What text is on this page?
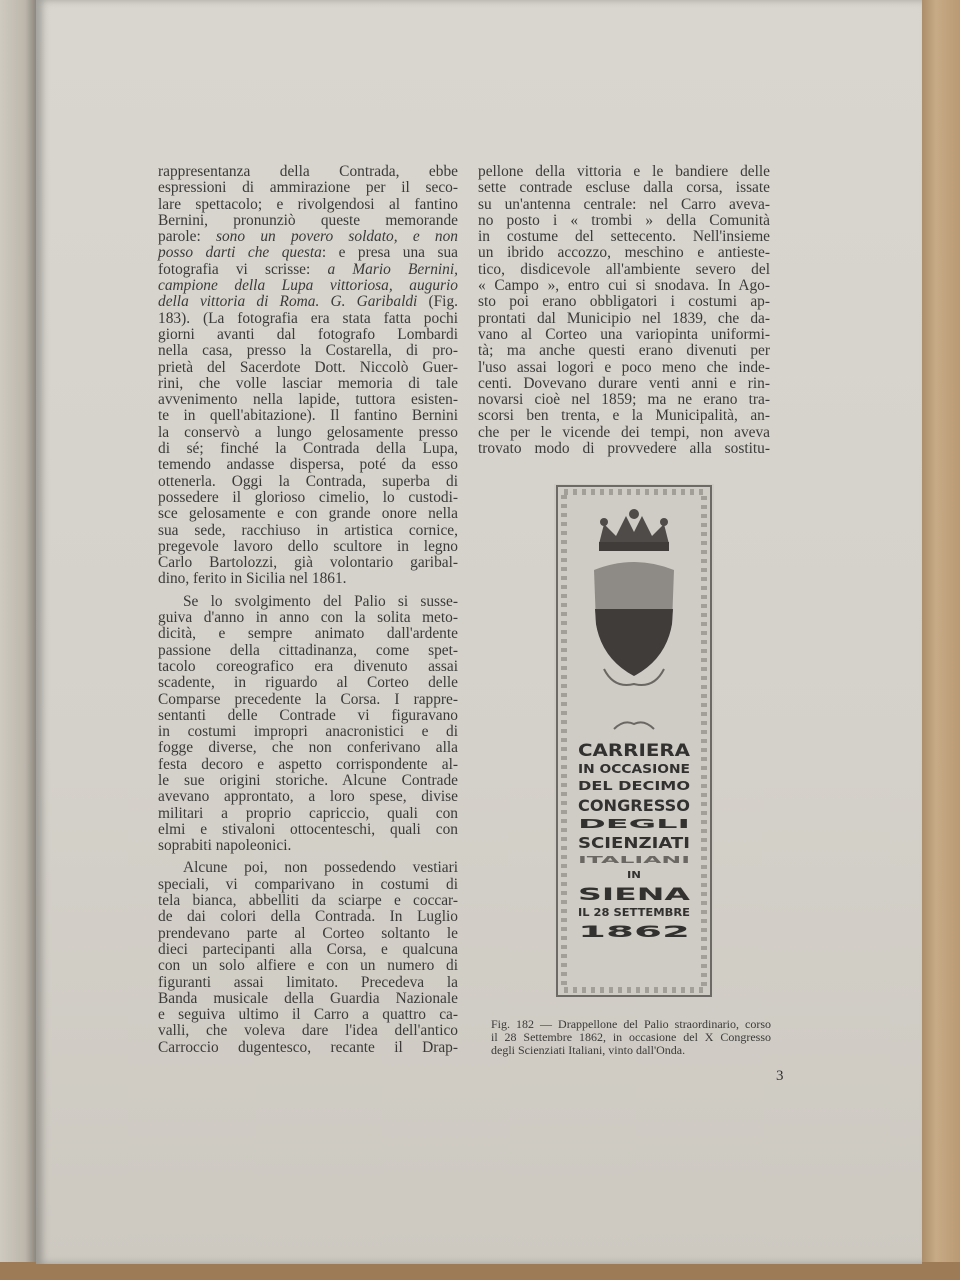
rappresentanza della Contrada, ebbe
espressioni di ammirazione per il seco-
lare spettacolo; e rivolgendosi al fantino
Bernini, pronunziò queste memorande
parole: sono un povero soldato, e non
posso darti che questa: e presa una sua
fotografia vi scrisse: a Mario Bernini,
campione della Lupa vittoriosa, augurio
della vittoria di Roma. G. Garibaldi (Fig.
183). (La fotografia era stata fatta pochi
giorni avanti dal fotografo Lombardi
nella casa, presso la Costarella, di pro-
prietà del Sacerdote Dott. Niccolò Guer-
rini, che volle lasciar memoria di tale
avvenimento nella lapide, tuttora esisten-
te in quell'abitazione). Il fantino Bernini
la conservò a lungo gelosamente presso
di sé; finché la Contrada della Lupa,
temendo andasse dispersa, poté da esso
ottenerla. Oggi la Contrada, superba di
possedere il glorioso cimelio, lo custodi-
sce gelosamente e con grande onore nella
sua sede, racchiuso in artistica cornice,
pregevole lavoro dello scultore in legno
Carlo Bartolozzi, già volontario garibal-
dino, ferito in Sicilia nel 1861.
Se lo svolgimento del Palio si susse-
guiva d'anno in anno con la solita meto-
dicità, e sempre animato dall'ardente
passione della cittadinanza, come spet-
tacolo coreografico era divenuto assai
scadente, in riguardo al Corteo delle
Comparse precedente la Corsa. I rappre-
sentanti delle Contrade vi figuravano
in costumi impropri anacronistici e di
fogge diverse, che non conferivano alla
festa decoro e aspetto corrispondente al-
le sue origini storiche. Alcune Contrade
avevano approntato, a loro spese, divise
militari a proprio capriccio, quali con
elmi e stivaloni ottocenteschi, quali con
soprabiti napoleonici.
Alcune poi, non possedendo vestiari
speciali, vi comparivano in costumi di
tela bianca, abbelliti da sciarpe e coccar-
de dai colori della Contrada. In Luglio
prendevano parte al Corteo soltanto le
dieci partecipanti alla Corsa, e qualcuna
con un solo alfiere e con un numero di
figuranti assai limitato. Precedeva la
Banda musicale della Guardia Nazionale
e seguiva ultimo il Carro a quattro ca-
valli, che voleva dare l'idea dell'antico
Carroccio dugentesco, recante il Drap-
pellone della vittoria e le bandiere delle
sette contrade escluse dalla corsa, issate
su un'antenna centrale: nel Carro aveva-
no posto i « trombi » della Comunità
in costume del settecento. Nell'insieme
un ibrido accozzo, meschino e antieste-
tico, disdicevole all'ambiente severo del
« Campo », entro cui si snodava. In Ago-
sto poi erano obbligatori i costumi ap-
prontati dal Municipio nel 1839, che da-
vano al Corteo una variopinta uniformi-
tà; ma anche questi erano divenuti per
l'uso assai logori e poco meno che inde-
centi. Dovevano durare venti anni e rin-
novarsi cioè nel 1859; ma ne erano tra-
scorsi ben trenta, e la Municipalità, an-
che per le vicende dei tempi, non aveva
trovato modo di provvedere alla sostitu-
CARRIERA
IN OCCASIONE
DEL DECIMO
CONGRESSO
DEGLI
SCIENZIATI
ITALIANI
IN
SIENA
IL 28 SETTEMBRE
1862
Fig. 182 — Drappellone del Palio straordinario, corso
il 28 Settembre 1862, in occasione del X Congresso
degli Scienziati Italiani, vinto dall'Onda.
3
